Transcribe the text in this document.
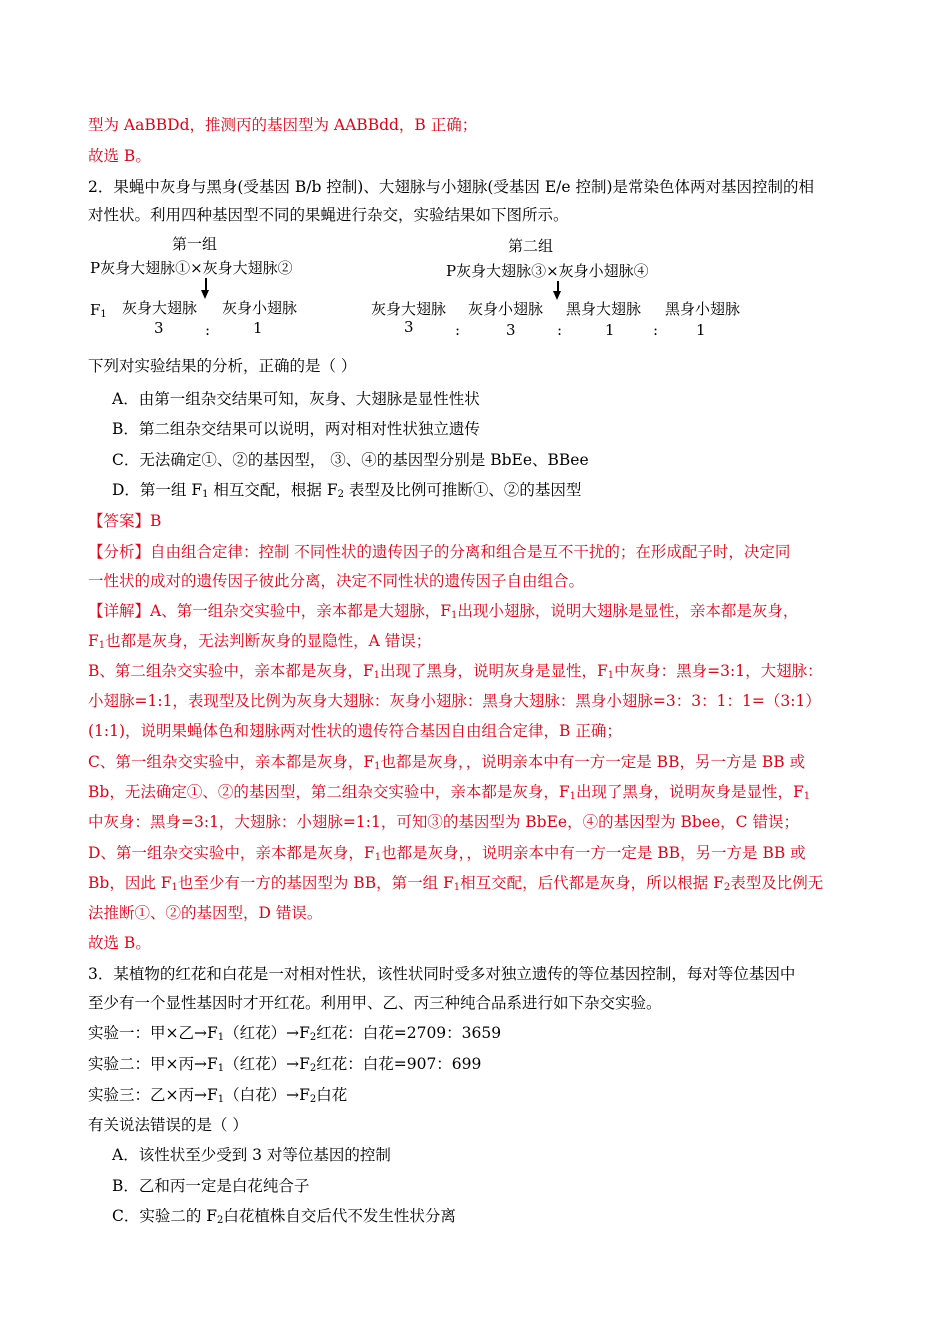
型为 AaBBDd，推测丙的基因型为 AABBdd，B 正确；
故选 B。
2．果蝇中灰身与黑身(受基因 B/b 控制)、大翅脉与小翅脉(受基因 E/e 控制)是常染色体两对基因控制的相
对性状。利用四种基因型不同的果蝇进行杂交，实验结果如下图所示。
第一组
P灰身大翅脉①×灰身大翅脉②
$F_1$ 灰身大翅脉 灰身小翅脉
3	:	1
第二组
P灰身大翅脉③×灰身小翅脉④
灰身大翅脉 灰身小翅脉 黑身大翅脉 黑身小翅脉
3	:	3	:	1	:	1
下列对实验结果的分析，正确的是（ ）
A．由第一组杂交结果可知，灰身、大翅脉是显性性状
B．第二组杂交结果可以说明，两对相对性状独立遗传
C．无法确定①、②的基因型， ③、④的基因型分别是 BbEe、BBee
D．第一组 $F_1$ 相互交配，根据 $F_2$ 表型及比例可推断①、②的基因型
【答案】B
【分析】自由组合定律：控制 不同性状的遗传因子的分离和组合是互不干扰的；在形成配子时，决定同
一性状的成对的遗传因子彼此分离，决定不同性状的遗传因子自由组合。
【详解】A、第一组杂交实验中，亲本都是大翅脉，$F_1$出现小翅脉，说明大翅脉是显性，亲本都是灰身，
$F_1$也都是灰身，无法判断灰身的显隐性，A 错误；
B、第二组杂交实验中，亲本都是灰身，$F_1$出现了黑身，说明灰身是显性，$F_1$中灰身：黑身=3:1，大翅脉：
小翅脉=1:1，表现型及比例为灰身大翅脉：灰身小翅脉：黑身大翅脉：黑身小翅脉=3：3：1：1=（3:1）
(1:1)，说明果蝇体色和翅脉两对性状的遗传符合基因自由组合定律，B 正确；
C、第一组杂交实验中，亲本都是灰身，$F_1$也都是灰身，，说明亲本中有一方一定是 BB，另一方是 BB 或
Bb，无法确定①、②的基因型，第二组杂交实验中，亲本都是灰身，$F_1$出现了黑身，说明灰身是显性，$F_1$
中灰身：黑身=3:1，大翅脉：小翅脉=1:1，可知③的基因型为 BbEe，④的基因型为 Bbee，C 错误；
D、第一组杂交实验中，亲本都是灰身，$F_1$也都是灰身，，说明亲本中有一方一定是 BB，另一方是 BB 或
Bb，因此 $F_1$也至少有一方的基因型为 BB，第一组 $F_1$相互交配，后代都是灰身，所以根据 $F_2$表型及比例无
法推断①、②的基因型，D 错误。
故选 B。
3．某植物的红花和白花是一对相对性状，该性状同时受多对独立遗传的等位基因控制，每对等位基因中
至少有一个显性基因时才开红花。利用甲、乙、丙三种纯合品系进行如下杂交实验。
实验一：甲×乙$\to F_1$（红花）$\to F_2$红花：白花=2709：3659
实验二：甲×丙$\to F_1$（红花）$\to F_2$红花：白花=907：699
实验三：乙×丙$\to F_1$（白花）$\to F_2$白花
有关说法错误的是（ ）
A．该性状至少受到 3 对等位基因的控制
B．乙和丙一定是白花纯合子
C．实验二的 $F_2$白花植株自交后代不发生性状分离
